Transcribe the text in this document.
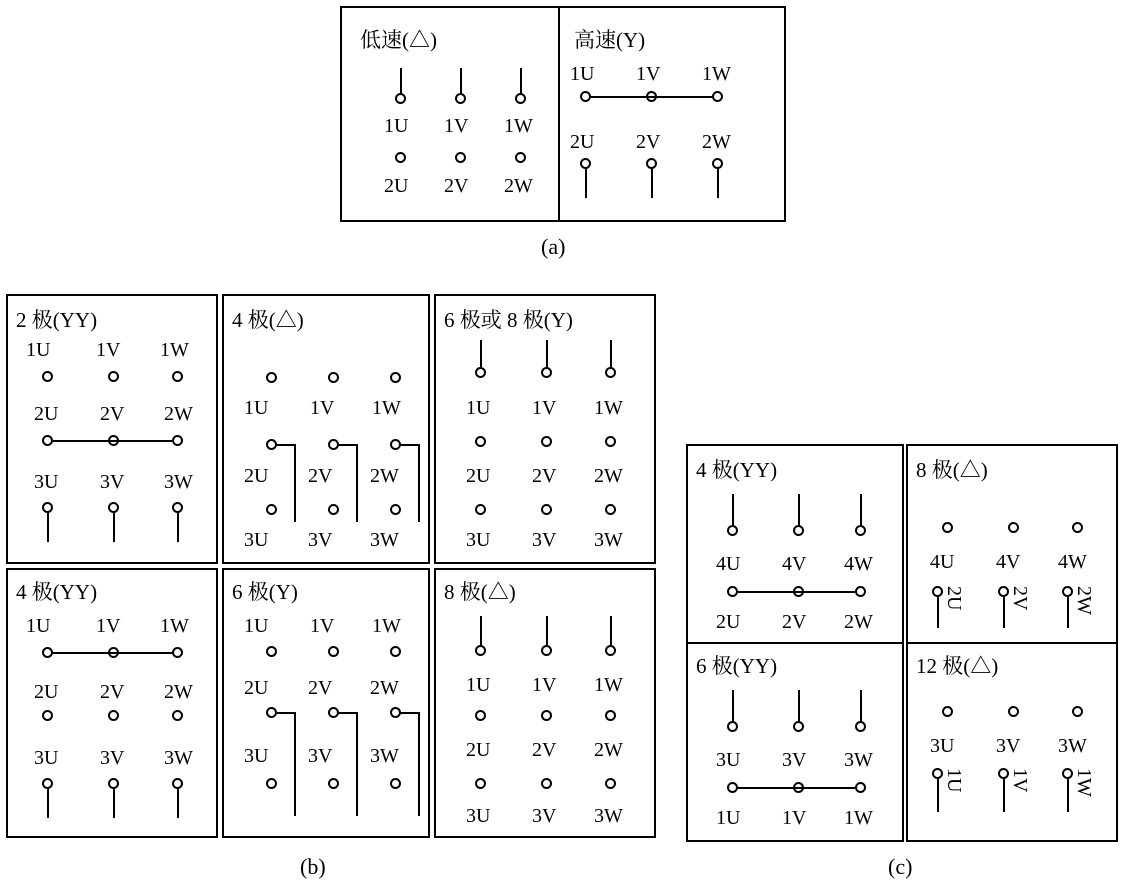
低速(△)
1U 1V 1W
2U 2V 2W
高速(Y)
1U 1V 1W
2U 2V 2W
(a)
2 极(YY)
1U 1V 1W
2U 2V 2W
3U 3V 3W
4 极(△)
1U 1V 1W
2U 2V 2W
3U 3V 3W
6 极或 8 极(Y)
1U 1V 1W
2U 2V 2W
3U 3V 3W
4 极(YY)
1U 1V 1W
2U 2V 2W
3U 3V 3W
6 极(Y)
1U 1V 1W
2U 2V 2W
3U 3V 3W
8 极(△)
1U 1V 1W
2U 2V 2W
3U 3V 3W
(b)
4 极(YY)
4U 4V 4W
2U 2V 2W
8 极(△)
4U 4V 4W
2U 2V 2W
6 极(YY)
3U 3V 3W
1U 1V 1W
12 极(△)
3U 3V 3W
1U 1V 1W
(c)
